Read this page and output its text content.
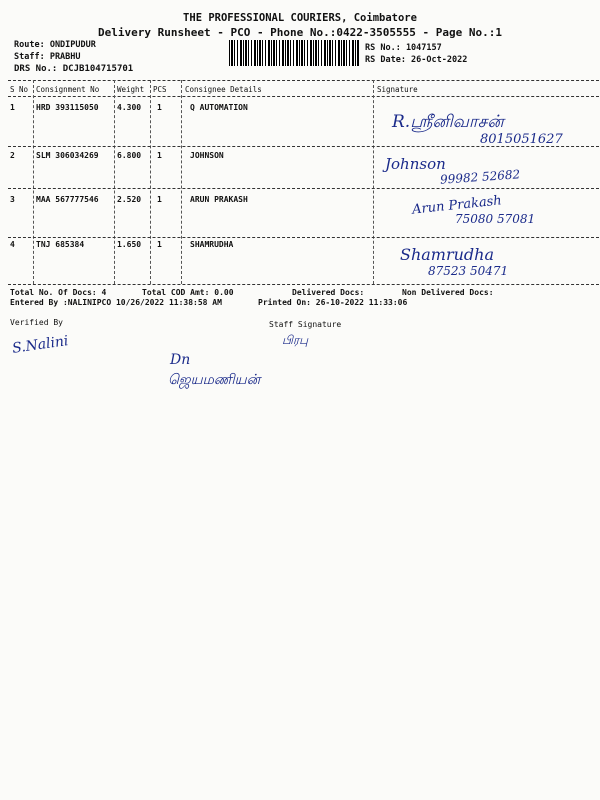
THE PROFESSIONAL COURIERS, Coimbatore
Delivery Runsheet - PCO - Phone No.:0422-3505555 - Page No.:1
Route: ONDIPUDUR
Staff: PRABHU
DRS No.: DCJB104715701
RS No.: 1047157
RS Date: 26-Oct-2022
S No Consignment No Weight PCS Consignee Details	Signature
1	HRD 393115050 4.300 1	Q AUTOMATION
R.ஸ்ரீனிவாசன்
8015051627
2	SLM 306034269 6.800 1	JOHNSON	Johnson
99982 52682
3	MAA 567777546 2.520 1	ARUN PRAKASH	Arun Prakash
75080 57081
4	TNJ 685384	1.650 1	SHAMRUDHA
Shamrudha
87523 50471
Total No. Of Docs: 4	Total COD Amt: 0.00	Delivered Docs:	Non Delivered Docs:
Entered By :NALINIPCO 10/26/2022 11:38:58 AM	Printed On: 26-10-2022 11:33:06
Verified By	Staff Signature
S.Nalini	பிரபு
Dn
ஜெயமணியன்
